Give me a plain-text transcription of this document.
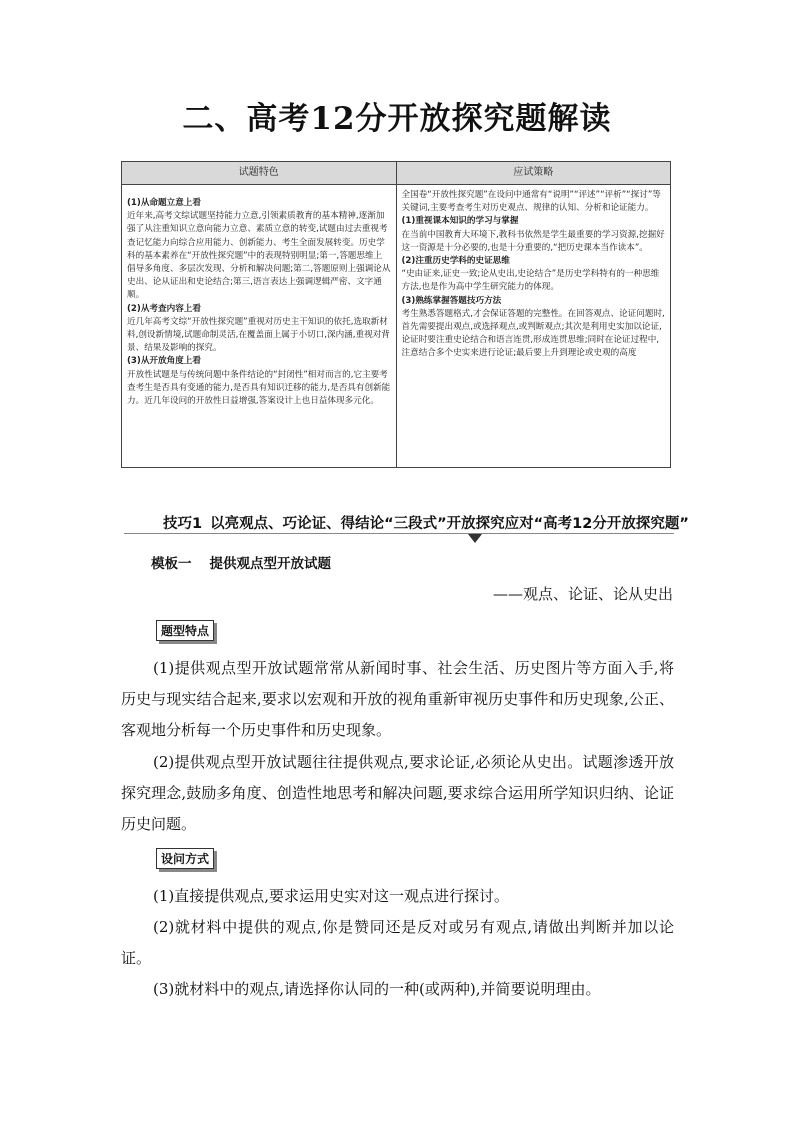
二、高考12分开放探究题解读
试题特色	应试策略

(1)从命题立意上看

近年来,高考文综试题坚持能力立意,引领素质教育的基本精神,逐渐加强了从注重知识立意向能力立意、素质立意的转变,试题由过去重视考查记忆能力向综合应用能力、创新能力、考生全面发展转变。历史学科的基本素养在“开放性探究题”中的表现特别明显;第一,答题思维上倡导多角度、多层次发现、分析和解决问题;第二,答题原则上强调论从史出、论从证出和史论结合;第三,语言表达上强调逻辑严密、文字通顺。

(2)从考查内容上看

近几年高考文综“开放性探究题”重视对历史主干知识的依托,选取新材料,创设新情境,试题命制灵活,在覆盖面上属于小切口,深内涵,重视对背景、结果及影响的探究。

(3)从开放角度上看

开放性试题是与传统问题中条件结论的“封闭性”相对而言的,它主要考查考生是否具有变通的能力,是否具有知识迁移的能力,是否具有创新能力。近几年设问的开放性日益增强,答案设计上也日益体现多元化。

全国卷“开放性探究题”在设问中通常有“说明”“评述”“评析”“探讨”等关键词,主要考查考生对历史观点、规律的认知、分析和论证能力。

(1)重视课本知识的学习与掌握

在当前中国教育大环境下,教科书依然是学生最重要的学习资源,挖掘好这一资源是十分必要的,也是十分重要的,“把历史课本当作读本”。

(2)注重历史学科的史证思维

“史由证来,证史一致;论从史出,史论结合”是历史学科特有的一种思维方法,也是作为高中学生研究能力的体现。

(3)熟练掌握答题技巧方法

考生熟悉答题格式,才会保证答题的完整性。在回答观点、论证问题时,首先需要提出观点,或选择观点,或判断观点;其次是利用史实加以论证,论证时要注重史论结合和语言连贯,形成连贯思维;同时在论证过程中,注意结合多个史实来进行论证;最后要上升到理论或史观的高度

技巧1 以亮观点、巧论证、得结论“三段式”开放探究应对“高考12分开放探究题”
模板一 提供观点型开放试题
——观点、论证、论从史出
题型特点

(1)提供观点型开放试题常常从新闻时事、社会生活、历史图片等方面入手,将历史与现实结合起来,要求以宏观和开放的视角重新审视历史事件和历史现象,公正、客观地分析每一个历史事件和历史现象。

(2)提供观点型开放试题往往提供观点,要求论证,必须论从史出。试题渗透开放探究理念,鼓励多角度、创造性地思考和解决问题,要求综合运用所学知识归纳、论证历史问题。

设问方式

(1)直接提供观点,要求运用史实对这一观点进行探讨。

(2)就材料中提供的观点,你是赞同还是反对或另有观点,请做出判断并加以论证。

(3)就材料中的观点,请选择你认同的一种(或两种),并简要说明理由。
